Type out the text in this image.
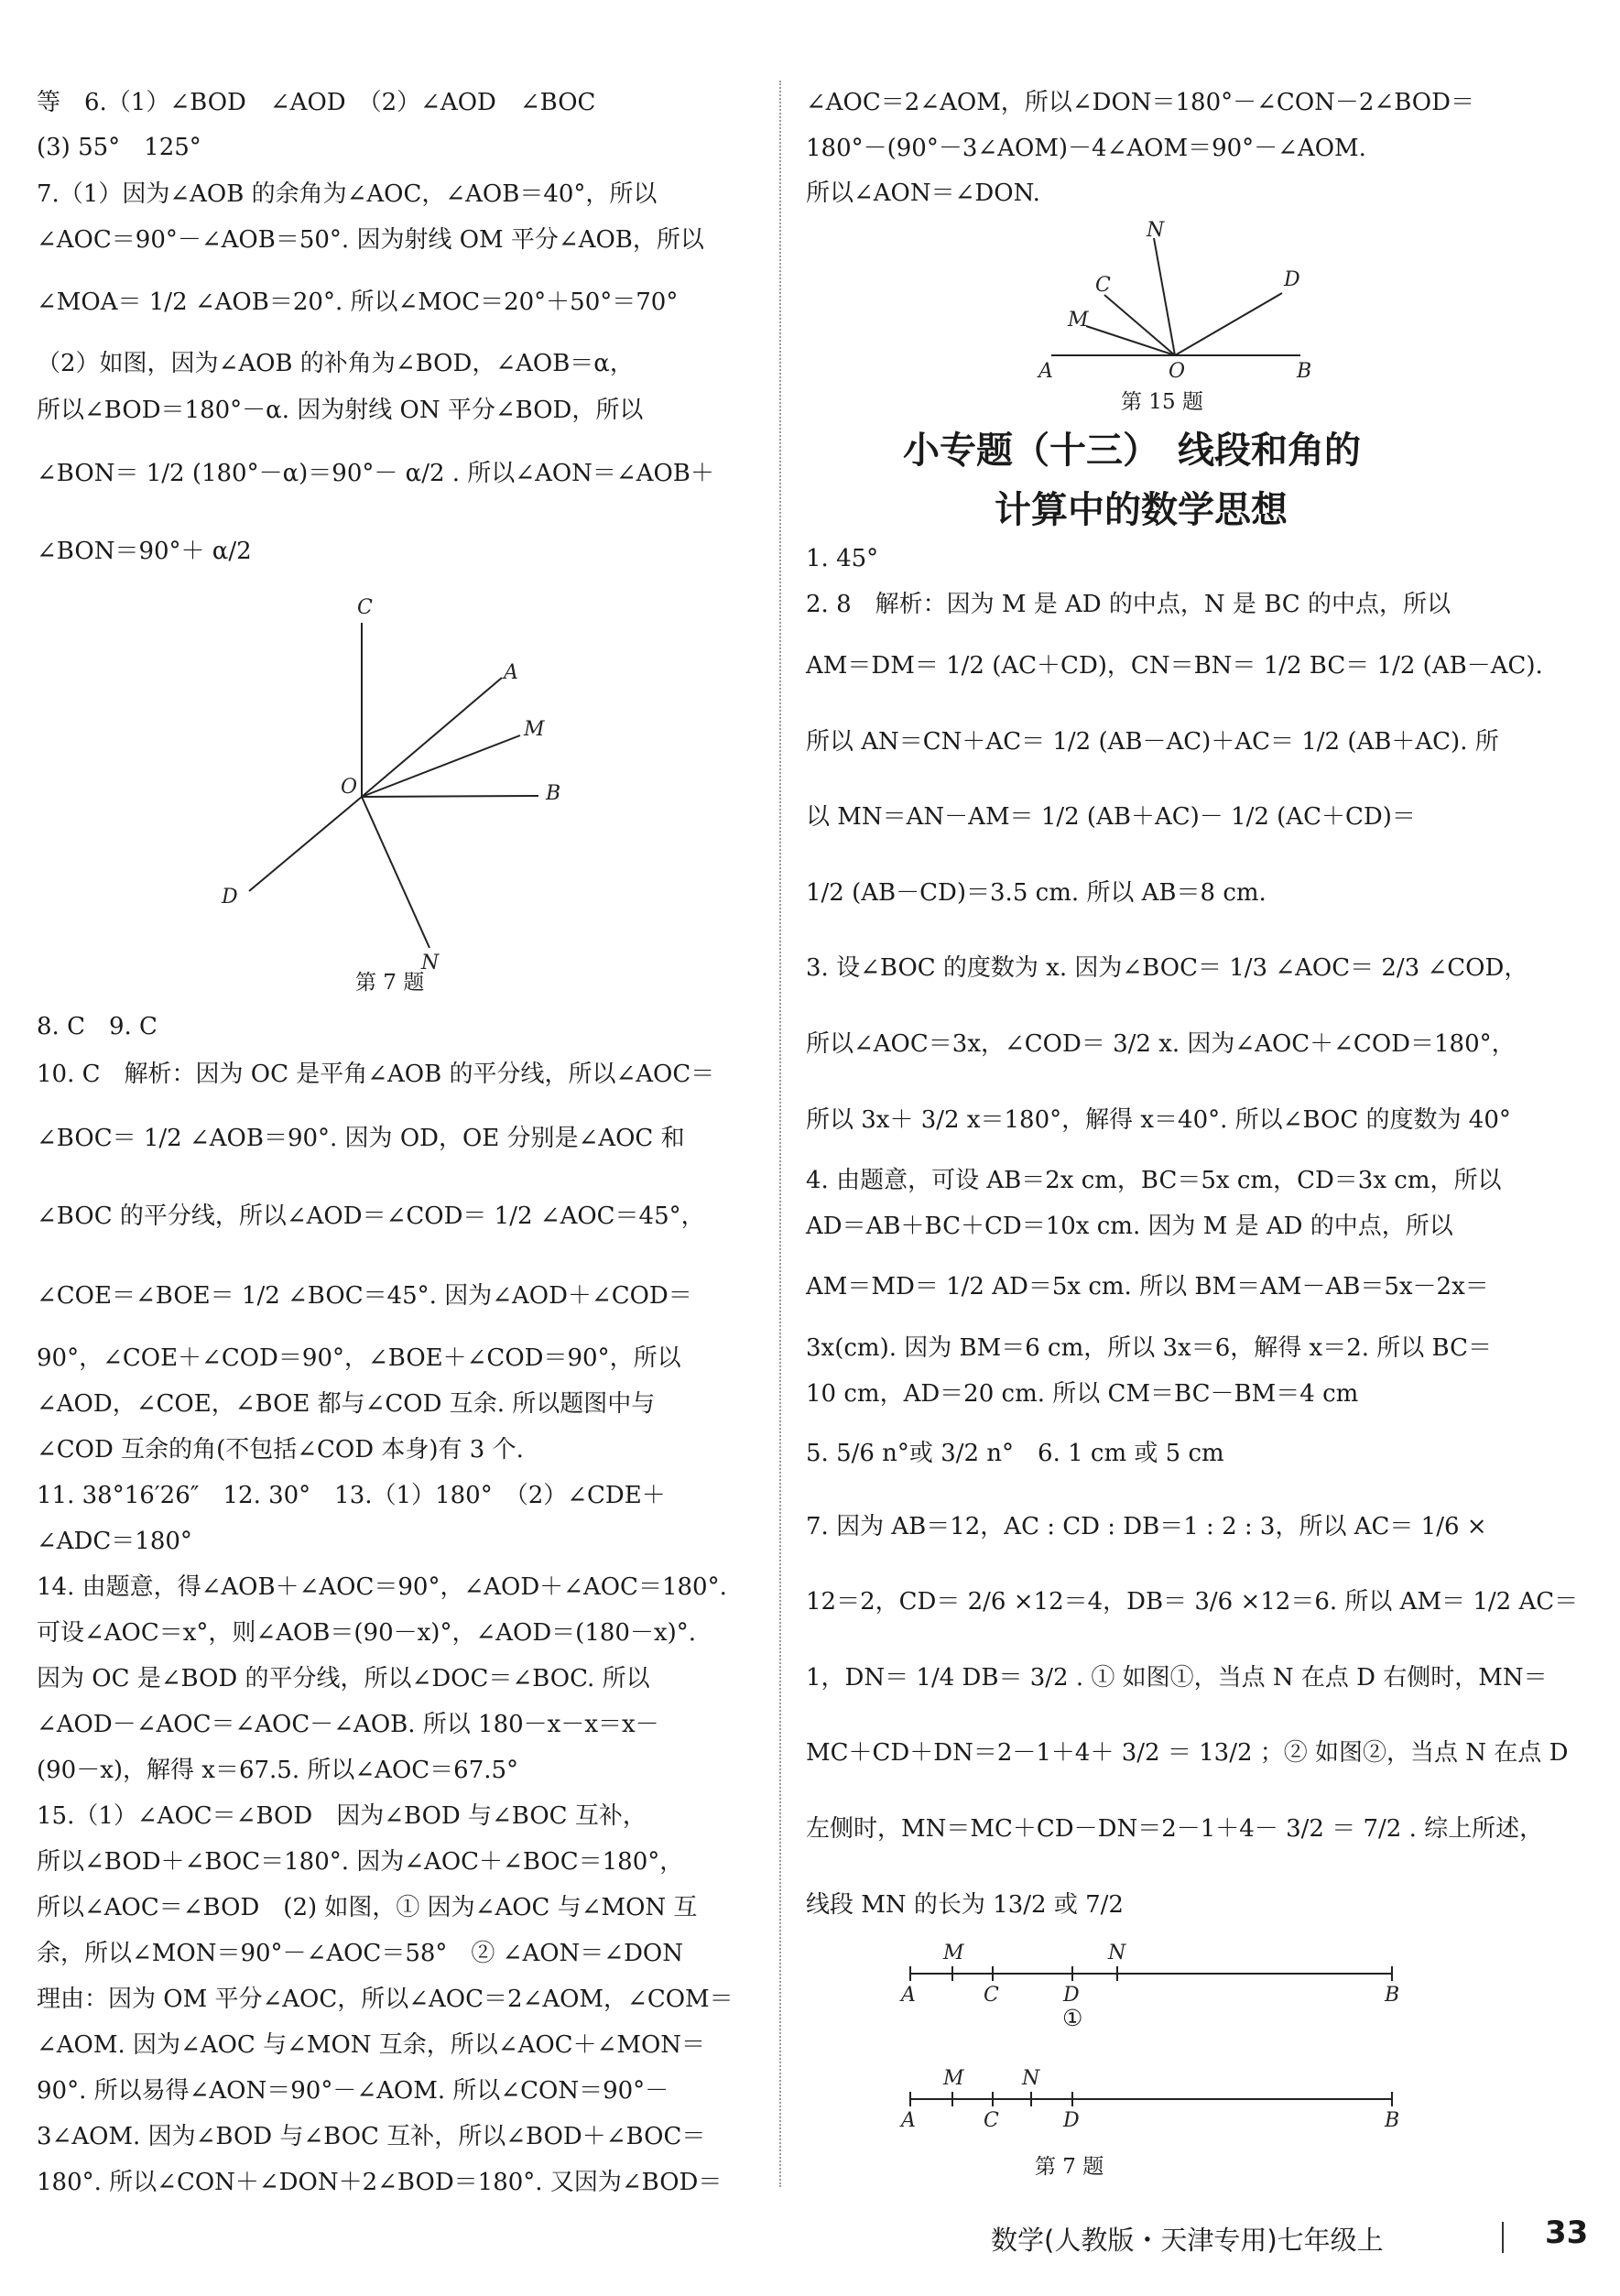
等　6.（1）∠BOD　∠AOD　（2）∠AOD　∠BOC
(3) 55°　125°
7.（1）因为∠AOB 的余角为∠AOC，∠AOB＝40°，所以
∠AOC＝90°－∠AOB＝50°. 因为射线 OM 平分∠AOB，所以
∠MOA＝ 1/2 ∠AOB＝20°. 所以∠MOC＝20°＋50°＝70°
（2）如图，因为∠AOB 的补角为∠BOD，∠AOB＝α，
所以∠BOD＝180°－α. 因为射线 ON 平分∠BOD，所以
∠BON＝ 1/2 (180°－α)＝90°－ α/2 . 所以∠AON＝∠AOB＋
∠BON＝90°＋ α/2
C
A
M
O	B
D
N
第 7 题
8. C　9. C
10. C　解析：因为 OC 是平角∠AOB 的平分线，所以∠AOC＝
∠BOC＝ 1/2 ∠AOB＝90°. 因为 OD，OE 分别是∠AOC 和
∠BOC 的平分线，所以∠AOD＝∠COD＝ 1/2 ∠AOC＝45°，
∠COE＝∠BOE＝ 1/2 ∠BOC＝45°. 因为∠AOD＋∠COD＝
90°，∠COE＋∠COD＝90°，∠BOE＋∠COD＝90°，所以
∠AOD，∠COE，∠BOE 都与∠COD 互余. 所以题图中与
∠COD 互余的角(不包括∠COD 本身)有 3 个.
11. 38°16′26″　12. 30°　13.（1）180°　（2）∠CDE＋
∠ADC＝180°
14. 由题意，得∠AOB＋∠AOC＝90°，∠AOD＋∠AOC＝180°.
可设∠AOC＝x°，则∠AOB＝(90－x)°，∠AOD＝(180－x)°.
因为 OC 是∠BOD 的平分线，所以∠DOC＝∠BOC. 所以
∠AOD－∠AOC＝∠AOC－∠AOB. 所以 180－x－x＝x－
(90－x)，解得 x＝67.5. 所以∠AOC＝67.5°
15.（1）∠AOC＝∠BOD　因为∠BOD 与∠BOC 互补，
所以∠BOD＋∠BOC＝180°. 因为∠AOC＋∠BOC＝180°，
所以∠AOC＝∠BOD　(2) 如图，① 因为∠AOC 与∠MON 互
余，所以∠MON＝90°－∠AOC＝58°　② ∠AON＝∠DON
理由：因为 OM 平分∠AOC，所以∠AOC＝2∠AOM，∠COM＝
∠AOM. 因为∠AOC 与∠MON 互余，所以∠AOC＋∠MON＝
90°. 所以易得∠AON＝90°－∠AOM. 所以∠CON＝90°－
3∠AOM. 因为∠BOD 与∠BOC 互补，所以∠BOD＋∠BOC＝
180°. 所以∠CON＋∠DON＋2∠BOD＝180°. 又因为∠BOD＝
∠AOC＝2∠AOM，所以∠DON＝180°－∠CON－2∠BOD＝
180°－(90°－3∠AOM)－4∠AOM＝90°－∠AOM.
所以∠AON＝∠DON.
N
C	D
M
A	O	B
第 15 题
小专题（十三）　线段和角的
计算中的数学思想
1. 45°
2. 8　解析：因为 M 是 AD 的中点，N 是 BC 的中点，所以
AM＝DM＝ 1/2 (AC＋CD)，CN＝BN＝ 1/2 BC＝ 1/2 (AB－AC).
所以 AN＝CN＋AC＝ 1/2 (AB－AC)＋AC＝ 1/2 (AB＋AC). 所
以 MN＝AN－AM＝ 1/2 (AB＋AC)－ 1/2 (AC＋CD)＝
1/2 (AB－CD)＝3.5 cm. 所以 AB＝8 cm.
3. 设∠BOC 的度数为 x. 因为∠BOC＝ 1/3 ∠AOC＝ 2/3 ∠COD，
所以∠AOC＝3x，∠COD＝ 3/2 x. 因为∠AOC＋∠COD＝180°，
所以 3x＋ 3/2 x＝180°，解得 x＝40°. 所以∠BOC 的度数为 40°
4. 由题意，可设 AB＝2x cm，BC＝5x cm，CD＝3x cm，所以
AD＝AB＋BC＋CD＝10x cm. 因为 M 是 AD 的中点，所以
AM＝MD＝ 1/2 AD＝5x cm. 所以 BM＝AM－AB＝5x－2x＝
3x(cm). 因为 BM＝6 cm，所以 3x＝6，解得 x＝2. 所以 BC＝
10 cm，AD＝20 cm. 所以 CM＝BC－BM＝4 cm
5. 5/6 n°或 3/2 n°　6. 1 cm 或 5 cm
7. 因为 AB＝12，AC : CD : DB＝1 : 2 : 3，所以 AC＝ 1/6 ×
12＝2，CD＝ 2/6 ×12＝4，DB＝ 3/6 ×12＝6. 所以 AM＝ 1/2 AC＝
1，DN＝ 1/4 DB＝ 3/2 . ① 如图①，当点 N 在点 D 右侧时，MN＝
MC＋CD＋DN＝2－1＋4＋ 3/2 ＝ 13/2 ；② 如图②，当点 N 在点 D
左侧时，MN＝MC＋CD－DN＝2－1＋4－ 3/2 ＝ 7/2 . 综上所述，
线段 MN 的长为 13/2 或 7/2
M	N
A	C	D	B
①
M	N
A	C	D	B
第 7 题
数学(人教版・天津专用)七年级上	33
